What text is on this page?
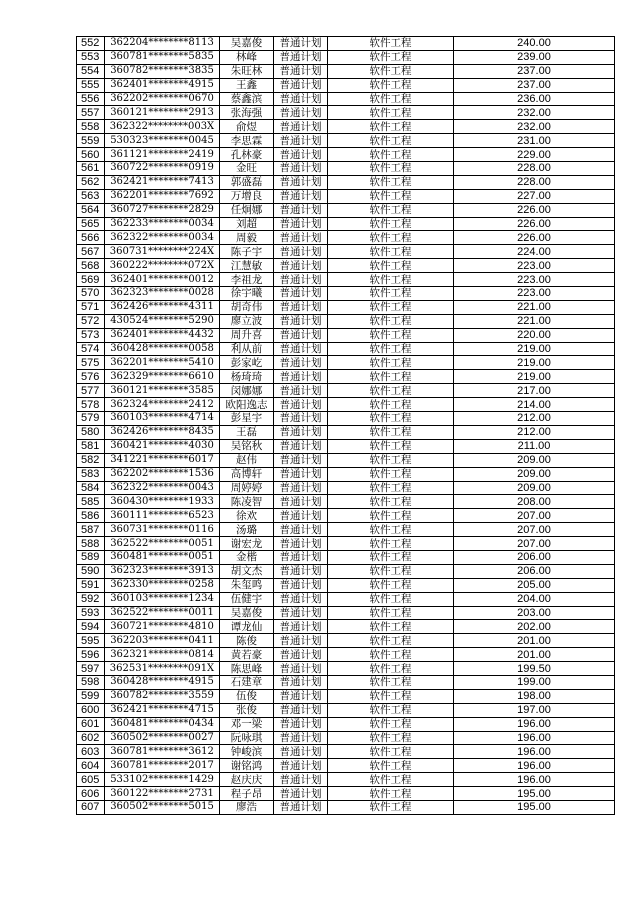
552	362204********8113	吴嘉俊	普通计划	软件工程	240.00
553	360781********5835	林峰	普通计划	软件工程	239.00
554	360782********3835	朱旺林	普通计划	软件工程	237.00
555	362401********4915	王鑫	普通计划	软件工程	237.00
556	362202********0670	蔡鑫滨	普通计划	软件工程	236.00
557	360121********2913	张海强	普通计划	软件工程	232.00
558	362322********003X	俞煜	普通计划	软件工程	232.00
559	530323********0045	李思霖	普通计划	软件工程	231.00
560	361121********2419	孔林豪	普通计划	软件工程	229.00
561	360722********0919	金旺	普通计划	软件工程	228.00
562	362421********7413	郭盛磊	普通计划	软件工程	228.00
563	362201********7692	万增良	普通计划	软件工程	227.00
564	360727********2829	任炯娜	普通计划	软件工程	226.00
565	362233********0034	刘超	普通计划	软件工程	226.00
566	362322********0034	周毅	普通计划	软件工程	226.00
567	360731********224X	陈子宇	普通计划	软件工程	224.00
568	360222********072X	江慧敏	普通计划	软件工程	223.00
569	362401********0012	李祖龙	普通计划	软件工程	223.00
570	362323********0028	徐宇曦	普通计划	软件工程	223.00
571	362426********4311	胡奇伟	普通计划	软件工程	221.00
572	430524********5290	廖立波	普通计划	软件工程	221.00
573	362401********4432	周升喜	普通计划	软件工程	220.00
574	360428********0058	利从前	普通计划	软件工程	219.00
575	362201********5410	彭家屹	普通计划	软件工程	219.00
576	362329********6610	杨琦琦	普通计划	软件工程	219.00
577	360121********3585	闵娜娜	普通计划	软件工程	217.00
578	362324********2412	欧阳逸志	普通计划	软件工程	214.00
579	360103********4714	彭星宇	普通计划	软件工程	212.00
580	362426********8435	王磊	普通计划	软件工程	212.00
581	360421********4030	吴铭秋	普通计划	软件工程	211.00
582	341221********6017	赵伟	普通计划	软件工程	209.00
583	362202********1536	高博轩	普通计划	软件工程	209.00
584	362322********0043	周婷婷	普通计划	软件工程	209.00
585	360430********1933	陈凌智	普通计划	软件工程	208.00
586	360111********6523	徐欢	普通计划	软件工程	207.00
587	360731********0116	汤璐	普通计划	软件工程	207.00
588	362522********0051	谢宏龙	普通计划	软件工程	207.00
589	360481********0051	金楷	普通计划	软件工程	206.00
590	362323********3913	胡文杰	普通计划	软件工程	206.00
591	362330********0258	朱玺鸣	普通计划	软件工程	205.00
592	360103********1234	伍健宇	普通计划	软件工程	204.00
593	362522********0011	吴嘉俊	普通计划	软件工程	203.00
594	360721********4810	谭龙仙	普通计划	软件工程	202.00
595	362203********0411	陈俊	普通计划	软件工程	201.00
596	362321********0814	黄若豪	普通计划	软件工程	201.00
597	362531********091X	陈思峰	普通计划	软件工程	199.50
598	360428********4915	石建章	普通计划	软件工程	199.00
599	360782********3559	伍俊	普通计划	软件工程	198.00
600	362421********4715	张俊	普通计划	软件工程	197.00
601	360481********0434	邓一梁	普通计划	软件工程	196.00
602	360502********0027	阮咏琪	普通计划	软件工程	196.00
603	360781********3612	钟峻滨	普通计划	软件工程	196.00
604	360781********2017	谢铭鸿	普通计划	软件工程	196.00
605	533102********1429	赵庆庆	普通计划	软件工程	196.00
606	360122********2731	程子昂	普通计划	软件工程	195.00
607	360502********5015	廖浩	普通计划	软件工程	195.00
